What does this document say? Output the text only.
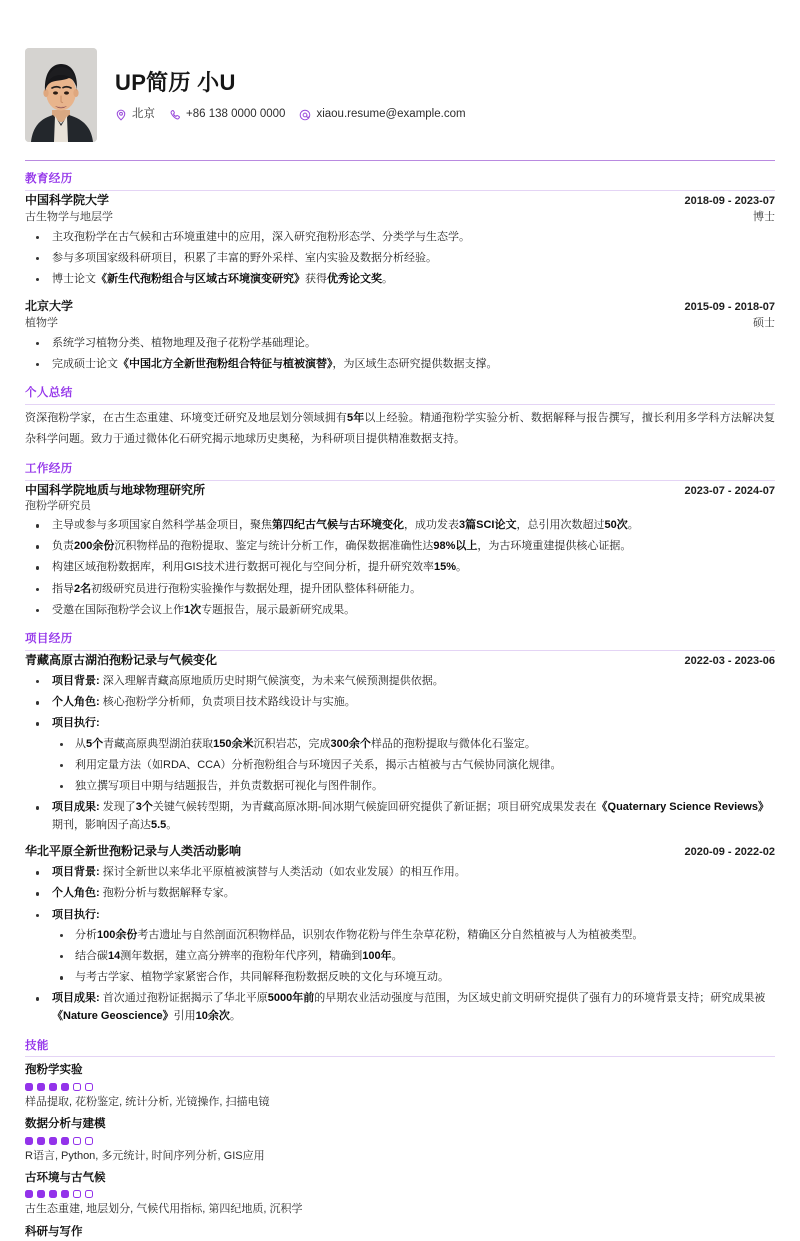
UP简历 小U
北京	+86 138 0000 0000	xiaou.resume@example.com
教育经历
中国科学院大学	2018-09 - 2023-07
古生物学与地层学	博士
主攻孢粉学在古气候和古环境重建中的应用，深入研究孢粉形态学、分类学与生态学。
参与多项国家级科研项目，积累了丰富的野外采样、室内实验及数据分析经验。
博士论文《新生代孢粉组合与区域古环境演变研究》获得优秀论文奖。
北京大学	2015-09 - 2018-07
植物学	硕士
系统学习植物分类、植物地理及孢子花粉学基础理论。
完成硕士论文《中国北方全新世孢粉组合特征与植被演替》，为区域生态研究提供数据支撑。
个人总结
资深孢粉学家，在古生态重建、环境变迁研究及地层划分领域拥有5年以上经验。精通孢粉学实验分析、数据解释与报告撰写，擅长利用多学科方法解决复杂科学问题。致力于通过微体化石研究揭示地球历史奥秘，为科研项目提供精准数据支持。
工作经历
中国科学院地质与地球物理研究所	2023-07 - 2024-07
孢粉学研究员
主导或参与多项国家自然科学基金项目，聚焦第四纪古气候与古环境变化，成功发表3篇SCI论文，总引用次数超过50次。
负责200余份沉积物样品的孢粉提取、鉴定与统计分析工作，确保数据准确性达98%以上，为古环境重建提供核心证据。
构建区域孢粉数据库，利用GIS技术进行数据可视化与空间分析，提升研究效率15%。
指导2名初级研究员进行孢粉实验操作与数据处理，提升团队整体科研能力。
受邀在国际孢粉学会议上作1次专题报告，展示最新研究成果。
项目经历
青藏高原古湖泊孢粉记录与气候变化	2022-03 - 2023-06
项目背景: 深入理解青藏高原地质历史时期气候演变，为未来气候预测提供依据。
个人角色: 核心孢粉学分析师，负责项目技术路线设计与实施。
项目执行:
从5个青藏高原典型湖泊获取150余米沉积岩芯，完成300余个样品的孢粉提取与微体化石鉴定。
利用定量方法（如RDA、CCA）分析孢粉组合与环境因子关系，揭示古植被与古气候协同演化规律。
独立撰写项目中期与结题报告，并负责数据可视化与图件制作。
项目成果: 发现了3个关键气候转型期，为青藏高原冰期-间冰期气候旋回研究提供了新证据；项目研究成果发表在《Quaternary Science Reviews》期刊，影响因子高达5.5。
华北平原全新世孢粉记录与人类活动影响	2020-09 - 2022-02
项目背景: 探讨全新世以来华北平原植被演替与人类活动（如农业发展）的相互作用。
个人角色: 孢粉分析与数据解释专家。
项目执行:
分析100余份考古遗址与自然剖面沉积物样品，识别农作物花粉与伴生杂草花粉，精确区分自然植被与人为植被类型。
结合碳14测年数据，建立高分辨率的孢粉年代序列，精确到100年。
与考古学家、植物学家紧密合作，共同解释孢粉数据反映的文化与环境互动。
项目成果: 首次通过孢粉证据揭示了华北平原5000年前的早期农业活动强度与范围，为区域史前文明研究提供了强有力的环境背景支持；研究成果被《Nature Geoscience》引用10余次。
技能
孢粉学实验
样品提取, 花粉鉴定, 统计分析, 光镜操作, 扫描电镜
数据分析与建模
R语言, Python, 多元统计, 时间序列分析, GIS应用
古环境与古气候
古生态重建, 地层划分, 气候代用指标, 第四纪地质, 沉积学
科研与写作
